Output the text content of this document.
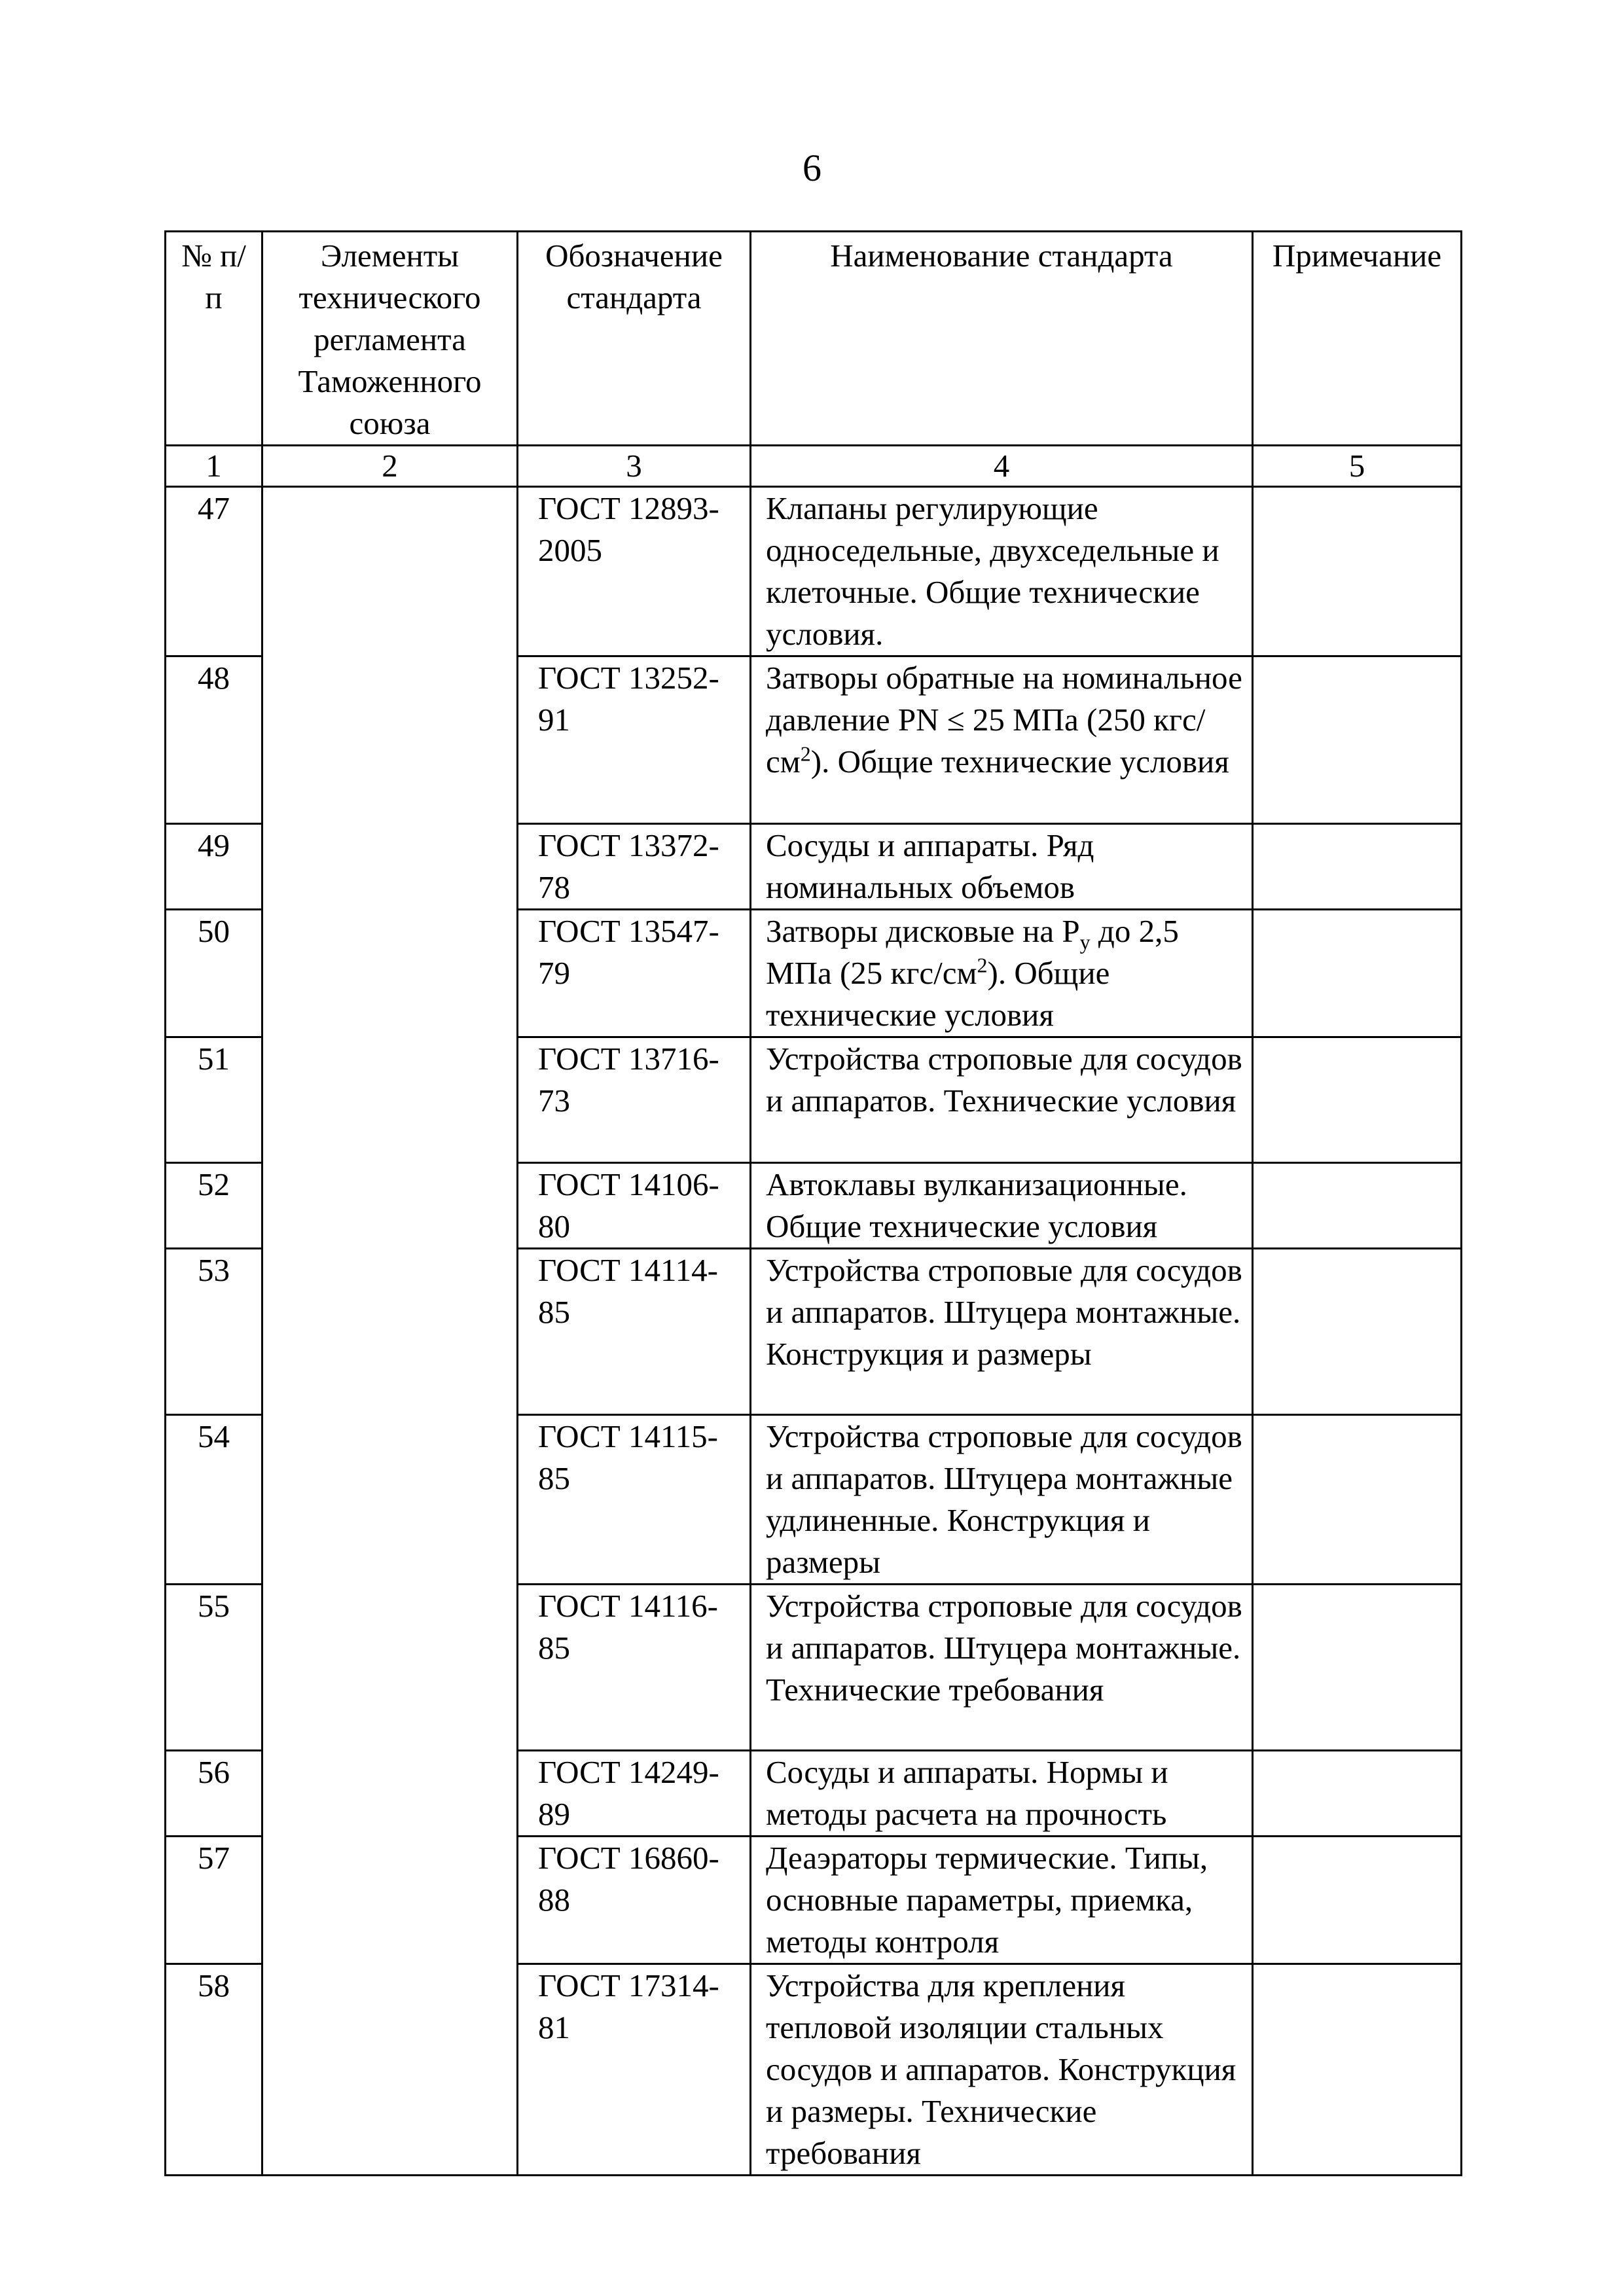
6
№ п/п	Элементы технического регламента Таможенного союза	Обозначение стандарта	Наименование стандарта	Примечание
1	2	3	4	5
47		ГОСТ 12893-2005	Клапаны регулирующие односедельные, двухседельные и клеточные. Общие технические условия.	
48		ГОСТ 13252-91	Затворы обратные на номинальное давление PN ≤ 25 МПа (250 кгс/$см^2$). Общие технические условия	
49		ГОСТ 13372-78	Сосуды и аппараты. Ряд номинальных объемов	
50		ГОСТ 13547-79	Затворы дисковые на $Р_у$ до 2,5 МПа (25 кгс/$см^2$). Общие технические условия	
51		ГОСТ 13716-73	Устройства строповые для сосудов и аппаратов. Технические условия	
52		ГОСТ 14106-80	Автоклавы вулканизационные. Общие технические условия	
53		ГОСТ 14114-85	Устройства строповые для сосудов и аппаратов. Штуцера монтажные. Конструкция и размеры	
54		ГОСТ 14115-85	Устройства строповые для сосудов и аппаратов. Штуцера монтажные удлиненные. Конструкция и размеры	
55		ГОСТ 14116-85	Устройства строповые для сосудов и аппаратов. Штуцера монтажные. Технические требования	
56		ГОСТ 14249-89	Сосуды и аппараты. Нормы и методы расчета на прочность	
57		ГОСТ 16860-88	Деаэраторы термические. Типы, основные параметры, приемка, методы контроля	
58		ГОСТ 17314-81	Устройства для крепления тепловой изоляции стальных сосудов и аппаратов. Конструкция и размеры. Технические требования	
